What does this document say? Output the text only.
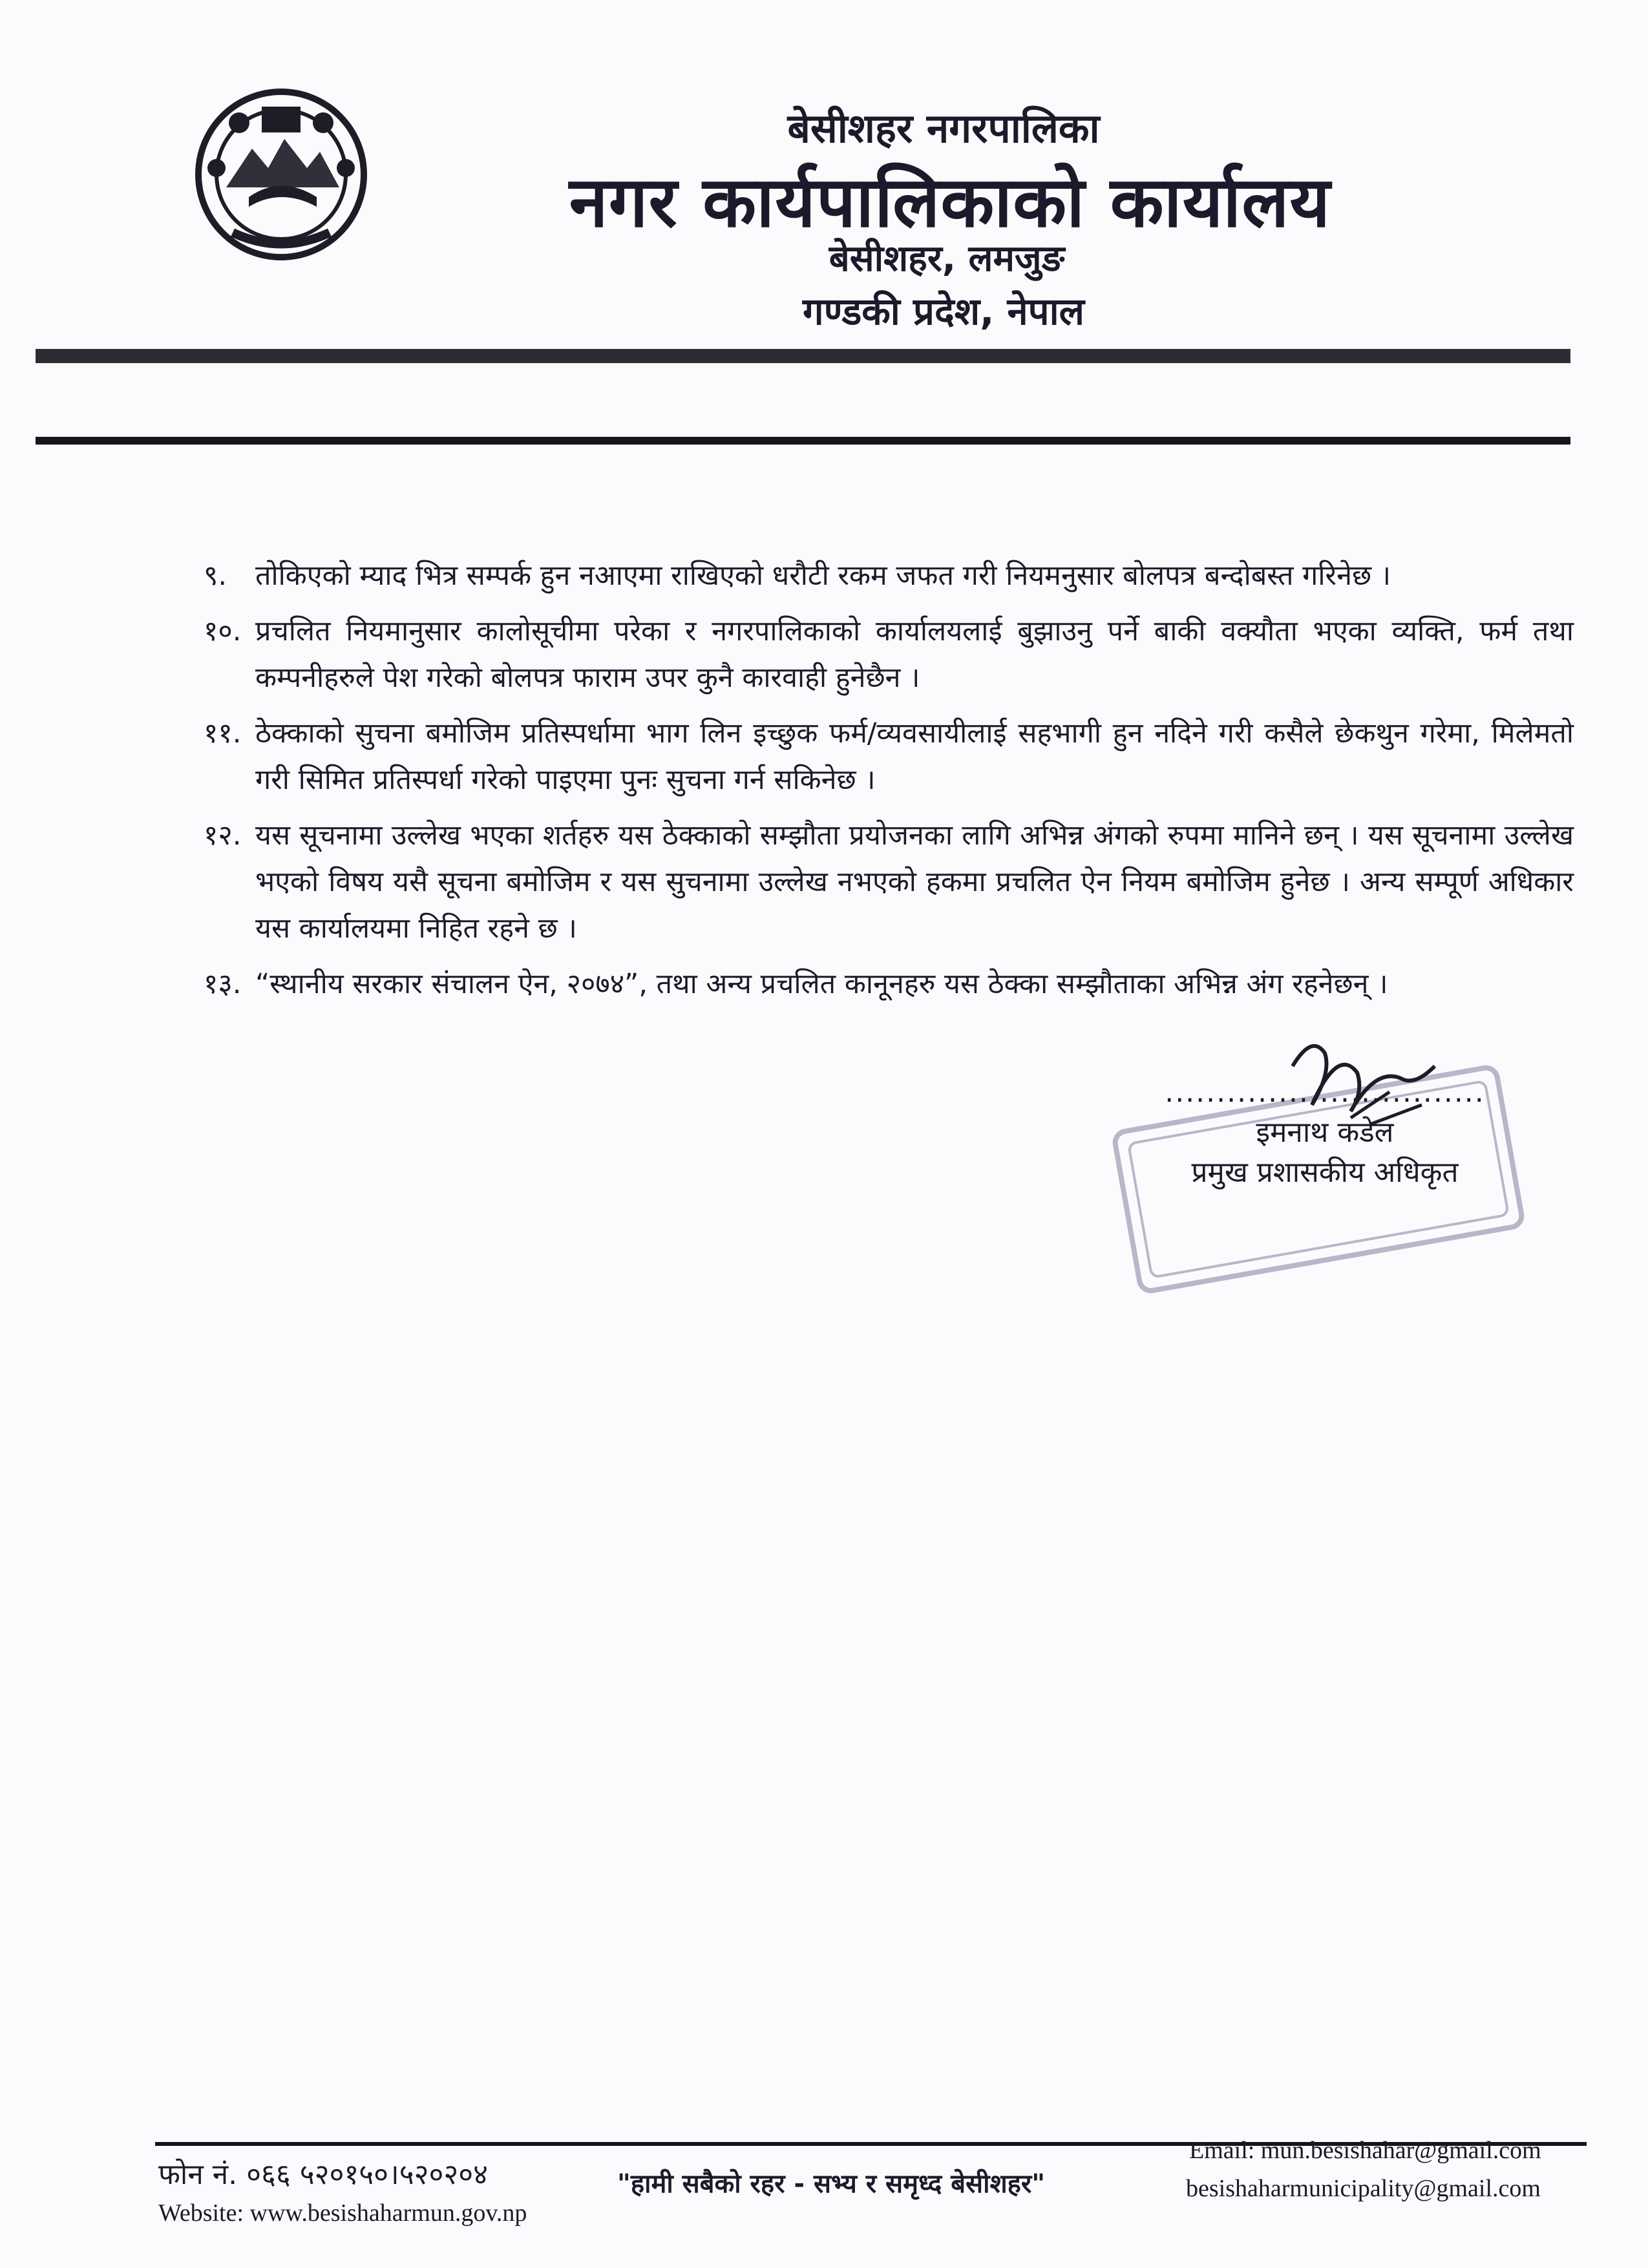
बेसीशहर नगरपालिका
नगर कार्यपालिकाको कार्यालय
बेसीशहर, लमजुङ
गण्डकी प्रदेश, नेपाल
९.	तोकिएको म्याद भित्र सम्पर्क हुन नआएमा राखिएको धरौटी रकम जफत गरी नियमनुसार बोलपत्र बन्दोबस्त गरिनेछ ।
१०. प्रचलित नियमानुसार कालोसूचीमा परेका र नगरपालिकाको कार्यालयलाई बुझाउनु पर्ने बाकी वक्यौता भएका व्यक्ति, फर्म तथा कम्पनीहरुले पेश गरेको बोलपत्र फाराम उपर कुनै कारवाही हुनेछैन ।
११. ठेक्काको सुचना बमोजिम प्रतिस्पर्धामा भाग लिन इच्छुक फर्म/व्यवसायीलाई सहभागी हुन नदिने गरी कसैले छेकथुन गरेमा, मिलेमतो गरी सिमित प्रतिस्पर्धा गरेको पाइएमा पुनः सुचना गर्न सकिनेछ ।
१२. यस सूचनामा उल्लेख भएका शर्तहरु यस ठेक्काको सम्झौता प्रयोजनका लागि अभिन्न अंगको रुपमा मानिने छन् । यस सूचनामा उल्लेख भएको विषय यसै सूचना बमोजिम र यस सुचनामा उल्लेख नभएको हकमा प्रचलित ऐन नियम बमोजिम हुनेछ । अन्य सम्पूर्ण अधिकार यस कार्यालयमा निहित रहने छ ।
१३. “स्थानीय सरकार संचालन ऐन, २०७४”, तथा अन्य प्रचलित कानूनहरु यस ठेक्का सम्झौताका अभिन्न अंग रहनेछन् ।
...............................
इमनाथ कडेल
प्रमुख प्रशासकीय अधिकृत
फोन नं. ०६६ ५२०१५०।५२०२०४	"हामी सबैको रहर - सभ्य र समृध्द बेसीशहर"
Email: mun.besishahar@gmail.com
besishaharmunicipality@gmail.com
Website: www.besishaharmun.gov.np
